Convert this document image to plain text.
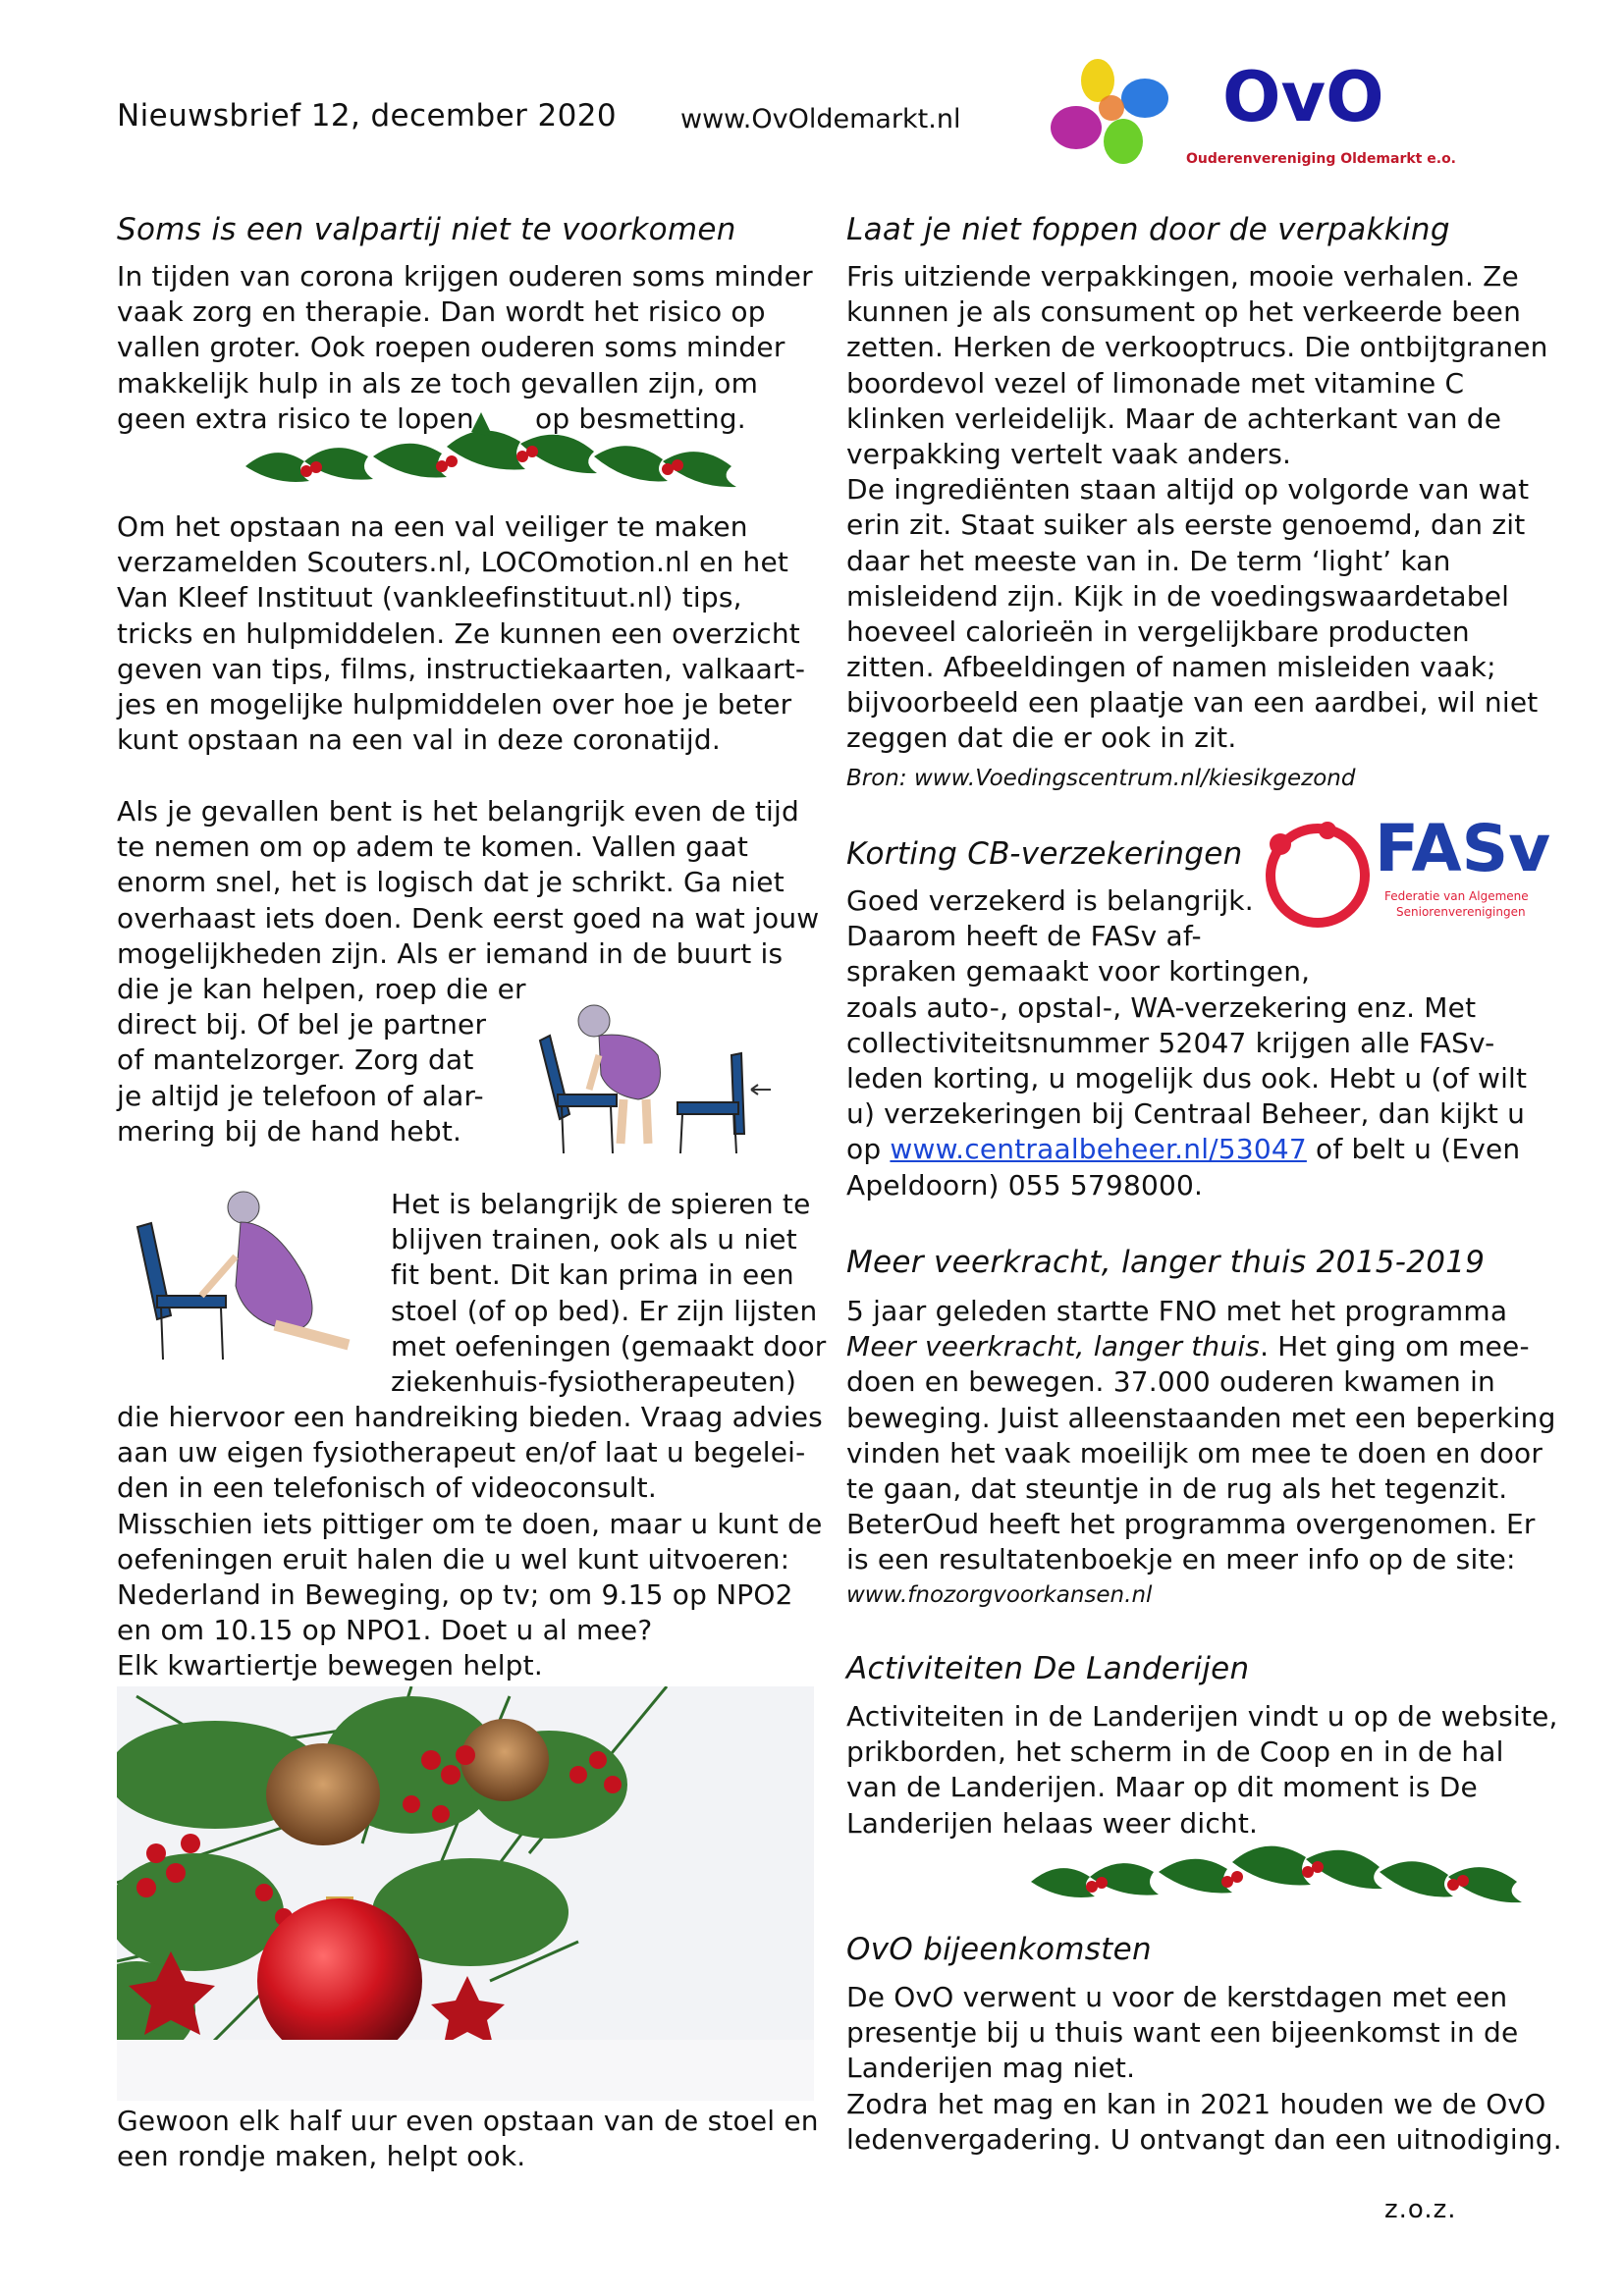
Nieuwsbrief 12, december 2020 www.OvOldemarkt.nl	OvO
Ouderenvereniging Oldemarkt e.o.
Soms is een valpartij niet te voorkomen
In tijden van corona krijgen ouderen soms minder
vaak zorg en therapie. Dan wordt het risico op
vallen groter. Ook roepen ouderen soms minder
makkelijk hulp in als ze toch gevallen zijn, om
geen extra risico te lopen op besmetting.
Om het opstaan na een val veiliger te maken
verzamelden Scouters.nl, LOCOmotion.nl en het
Van Kleef Instituut (vankleefinstituut.nl) tips,
tricks en hulpmiddelen. Ze kunnen een overzicht
geven van tips, films, instructiekaarten, valkaart-
jes en mogelijke hulpmiddelen over hoe je beter
kunt opstaan na een val in deze coronatijd.
Als je gevallen bent is het belangrijk even de tijd
te nemen om op adem te komen. Vallen gaat
enorm snel, het is logisch dat je schrikt. Ga niet
overhaast iets doen. Denk eerst goed na wat jouw
mogelijkheden zijn. Als er iemand in de buurt is
die je kan helpen, roep die er
direct bij. Of bel je partner
of mantelzorger. Zorg dat
je altijd je telefoon of alar-
mering bij de hand hebt.
Het is belangrijk de spieren te
blijven trainen, ook als u niet
fit bent. Dit kan prima in een
stoel (of op bed). Er zijn lijsten
met oefeningen (gemaakt door
ziekenhuis-fysiotherapeuten)
die hiervoor een handreiking bieden. Vraag advies
aan uw eigen fysiotherapeut en/of laat u begelei-
den in een telefonisch of videoconsult.
Misschien iets pittiger om te doen, maar u kunt de
oefeningen eruit halen die u wel kunt uitvoeren:
Nederland in Beweging, op tv; om 9.15 op NPO2
en om 10.15 op NPO1. Doet u al mee?
Elk kwartiertje bewegen helpt.
Gewoon elk half uur even opstaan van de stoel en
een rondje maken, helpt ook.
Laat je niet foppen door de verpakking
Fris uitziende verpakkingen, mooie verhalen. Ze
kunnen je als consument op het verkeerde been
zetten. Herken de verkooptrucs. Die ontbijtgranen
boordevol vezel of limonade met vitamine C
klinken verleidelijk. Maar de achterkant van de
verpakking vertelt vaak anders.
De ingrediënten staan altijd op volgorde van wat
erin zit. Staat suiker als eerste genoemd, dan zit
daar het meeste van in. De term ‘light’ kan
misleidend zijn. Kijk in de voedingswaardetabel
hoeveel calorieën in vergelijkbare producten
zitten. Afbeeldingen of namen misleiden vaak;
bijvoorbeeld een plaatje van een aardbei, wil niet
zeggen dat die er ook in zit.
Bron: www.Voedingscentrum.nl/kiesikgezond
Korting CB-verzekeringen FASv
Federatie van Algemene
Seniorenverenigingen
Goed verzekerd is belangrijk.
Daarom heeft de FASv af-
spraken gemaakt voor kortingen,
zoals auto-, opstal-, WA-verzekering enz. Met
collectiviteitsnummer 52047 krijgen alle FASv-
leden korting, u mogelijk dus ook. Hebt u (of wilt
u) verzekeringen bij Centraal Beheer, dan kijkt u
op www.centraalbeheer.nl/53047 of belt u (Even
Apeldoorn) 055 5798000.
Meer veerkracht, langer thuis 2015-2019
5 jaar geleden startte FNO met het programma
Meer veerkracht, langer thuis. Het ging om mee-
doen en bewegen. 37.000 ouderen kwamen in
beweging. Juist alleenstaanden met een beperking
vinden het vaak moeilijk om mee te doen en door
te gaan, dat steuntje in de rug als het tegenzit.
BeterOud heeft het programma overgenomen. Er
is een resultatenboekje en meer info op de site:
www.fnozorgvoorkansen.nl
Activiteiten De Landerijen
Activiteiten in de Landerijen vindt u op de website,
prikborden, het scherm in de Coop en in de hal
van de Landerijen. Maar op dit moment is De
Landerijen helaas weer dicht.
OvO bijeenkomsten
De OvO verwent u voor de kerstdagen met een
presentje bij u thuis want een bijeenkomst in de
Landerijen mag niet.
Zodra het mag en kan in 2021 houden we de OvO
ledenvergadering. U ontvangt dan een uitnodiging.
z.o.z.
